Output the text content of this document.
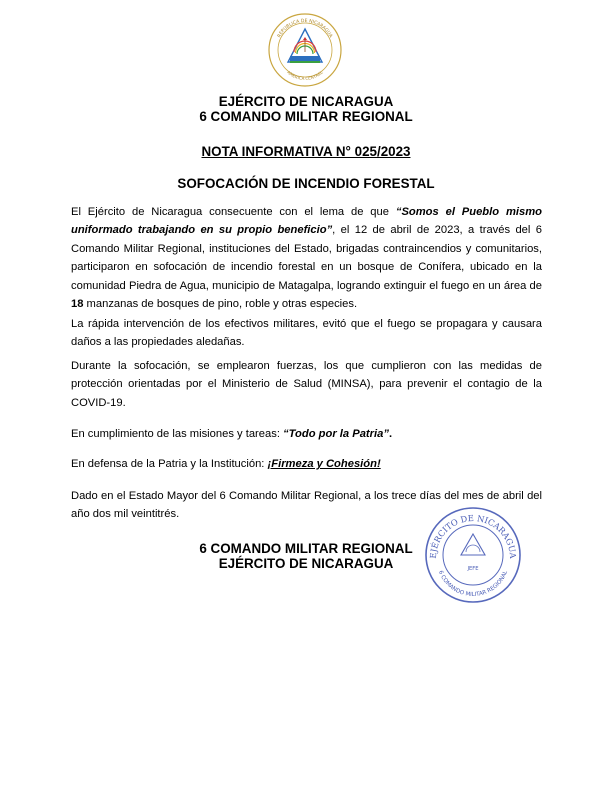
REPUBLICA DE NICARAGUA
AMERICA CENTRAL
EJÉRCITO DE NICARAGUA
6 COMANDO MILITAR REGIONAL
NOTA INFORMATIVA N° 025/2023
SOFOCACIÓN DE INCENDIO FORESTAL

El Ejército de Nicaragua consecuente con el lema de que “Somos el Pueblo mismo uniformado trabajando en su propio beneficio”, el 12 de abril de 2023, a través del 6 Comando Militar Regional, instituciones del Estado, brigadas contraincendios y comunitarios, participaron en sofocación de incendio forestal en un bosque de Conífera, ubicado en la comunidad Piedra de Agua, municipio de Matagalpa, logrando extinguir el fuego en un área de 18 manzanas de bosques de pino, roble y otras especies.

La rápida intervención de los efectivos militares, evitó que el fuego se propagara y causara daños a las propiedades aledañas.

Durante la sofocación, se emplearon fuerzas, los que cumplieron con las medidas de protección orientadas por el Ministerio de Salud (MINSA), para prevenir el contagio de la COVID-19.

En cumplimiento de las misiones y tareas: “Todo por la Patria”.

En defensa de la Patria y la Institución: ¡Firmeza y Cohesión!

Dado en el Estado Mayor del 6 Comando Militar Regional, a los trece días del mes de abril del año dos mil veintitrés.

6 COMANDO MILITAR REGIONAL
EJÉRCITO DE NICARAGUA
EJÉRCITO DE NICARAGUA
6 COMANDO MILITAR REGIONAL
JEFE
